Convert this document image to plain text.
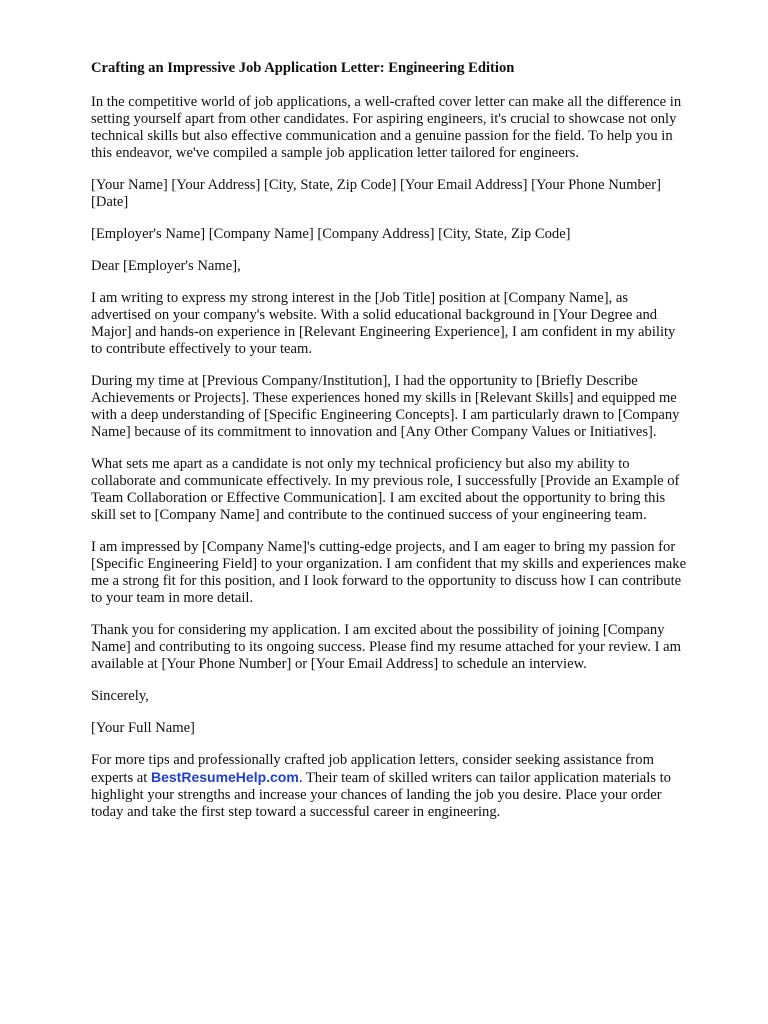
Crafting an Impressive Job Application Letter: Engineering Edition
In the competitive world of job applications, a well-crafted cover letter can make all the difference in
setting yourself apart from other candidates. For aspiring engineers, it's crucial to showcase not only
technical skills but also effective communication and a genuine passion for the field. To help you in
this endeavor, we've compiled a sample job application letter tailored for engineers.
[Your Name] [Your Address] [City, State, Zip Code] [Your Email Address] [Your Phone Number]
[Date]
[Employer's Name] [Company Name] [Company Address] [City, State, Zip Code]
Dear [Employer's Name],
I am writing to express my strong interest in the [Job Title] position at [Company Name], as
advertised on your company's website. With a solid educational background in [Your Degree and
Major] and hands-on experience in [Relevant Engineering Experience], I am confident in my ability
to contribute effectively to your team.
During my time at [Previous Company/Institution], I had the opportunity to [Briefly Describe
Achievements or Projects]. These experiences honed my skills in [Relevant Skills] and equipped me
with a deep understanding of [Specific Engineering Concepts]. I am particularly drawn to [Company
Name] because of its commitment to innovation and [Any Other Company Values or Initiatives].
What sets me apart as a candidate is not only my technical proficiency but also my ability to
collaborate and communicate effectively. In my previous role, I successfully [Provide an Example of
Team Collaboration or Effective Communication]. I am excited about the opportunity to bring this
skill set to [Company Name] and contribute to the continued success of your engineering team.
I am impressed by [Company Name]'s cutting-edge projects, and I am eager to bring my passion for
[Specific Engineering Field] to your organization. I am confident that my skills and experiences make
me a strong fit for this position, and I look forward to the opportunity to discuss how I can contribute
to your team in more detail.
Thank you for considering my application. I am excited about the possibility of joining [Company
Name] and contributing to its ongoing success. Please find my resume attached for your review. I am
available at [Your Phone Number] or [Your Email Address] to schedule an interview.
Sincerely,
[Your Full Name]
For more tips and professionally crafted job application letters, consider seeking assistance from
experts at BestResumeHelp.com. Their team of skilled writers can tailor application materials to
highlight your strengths and increase your chances of landing the job you desire. Place your order
today and take the first step toward a successful career in engineering.
